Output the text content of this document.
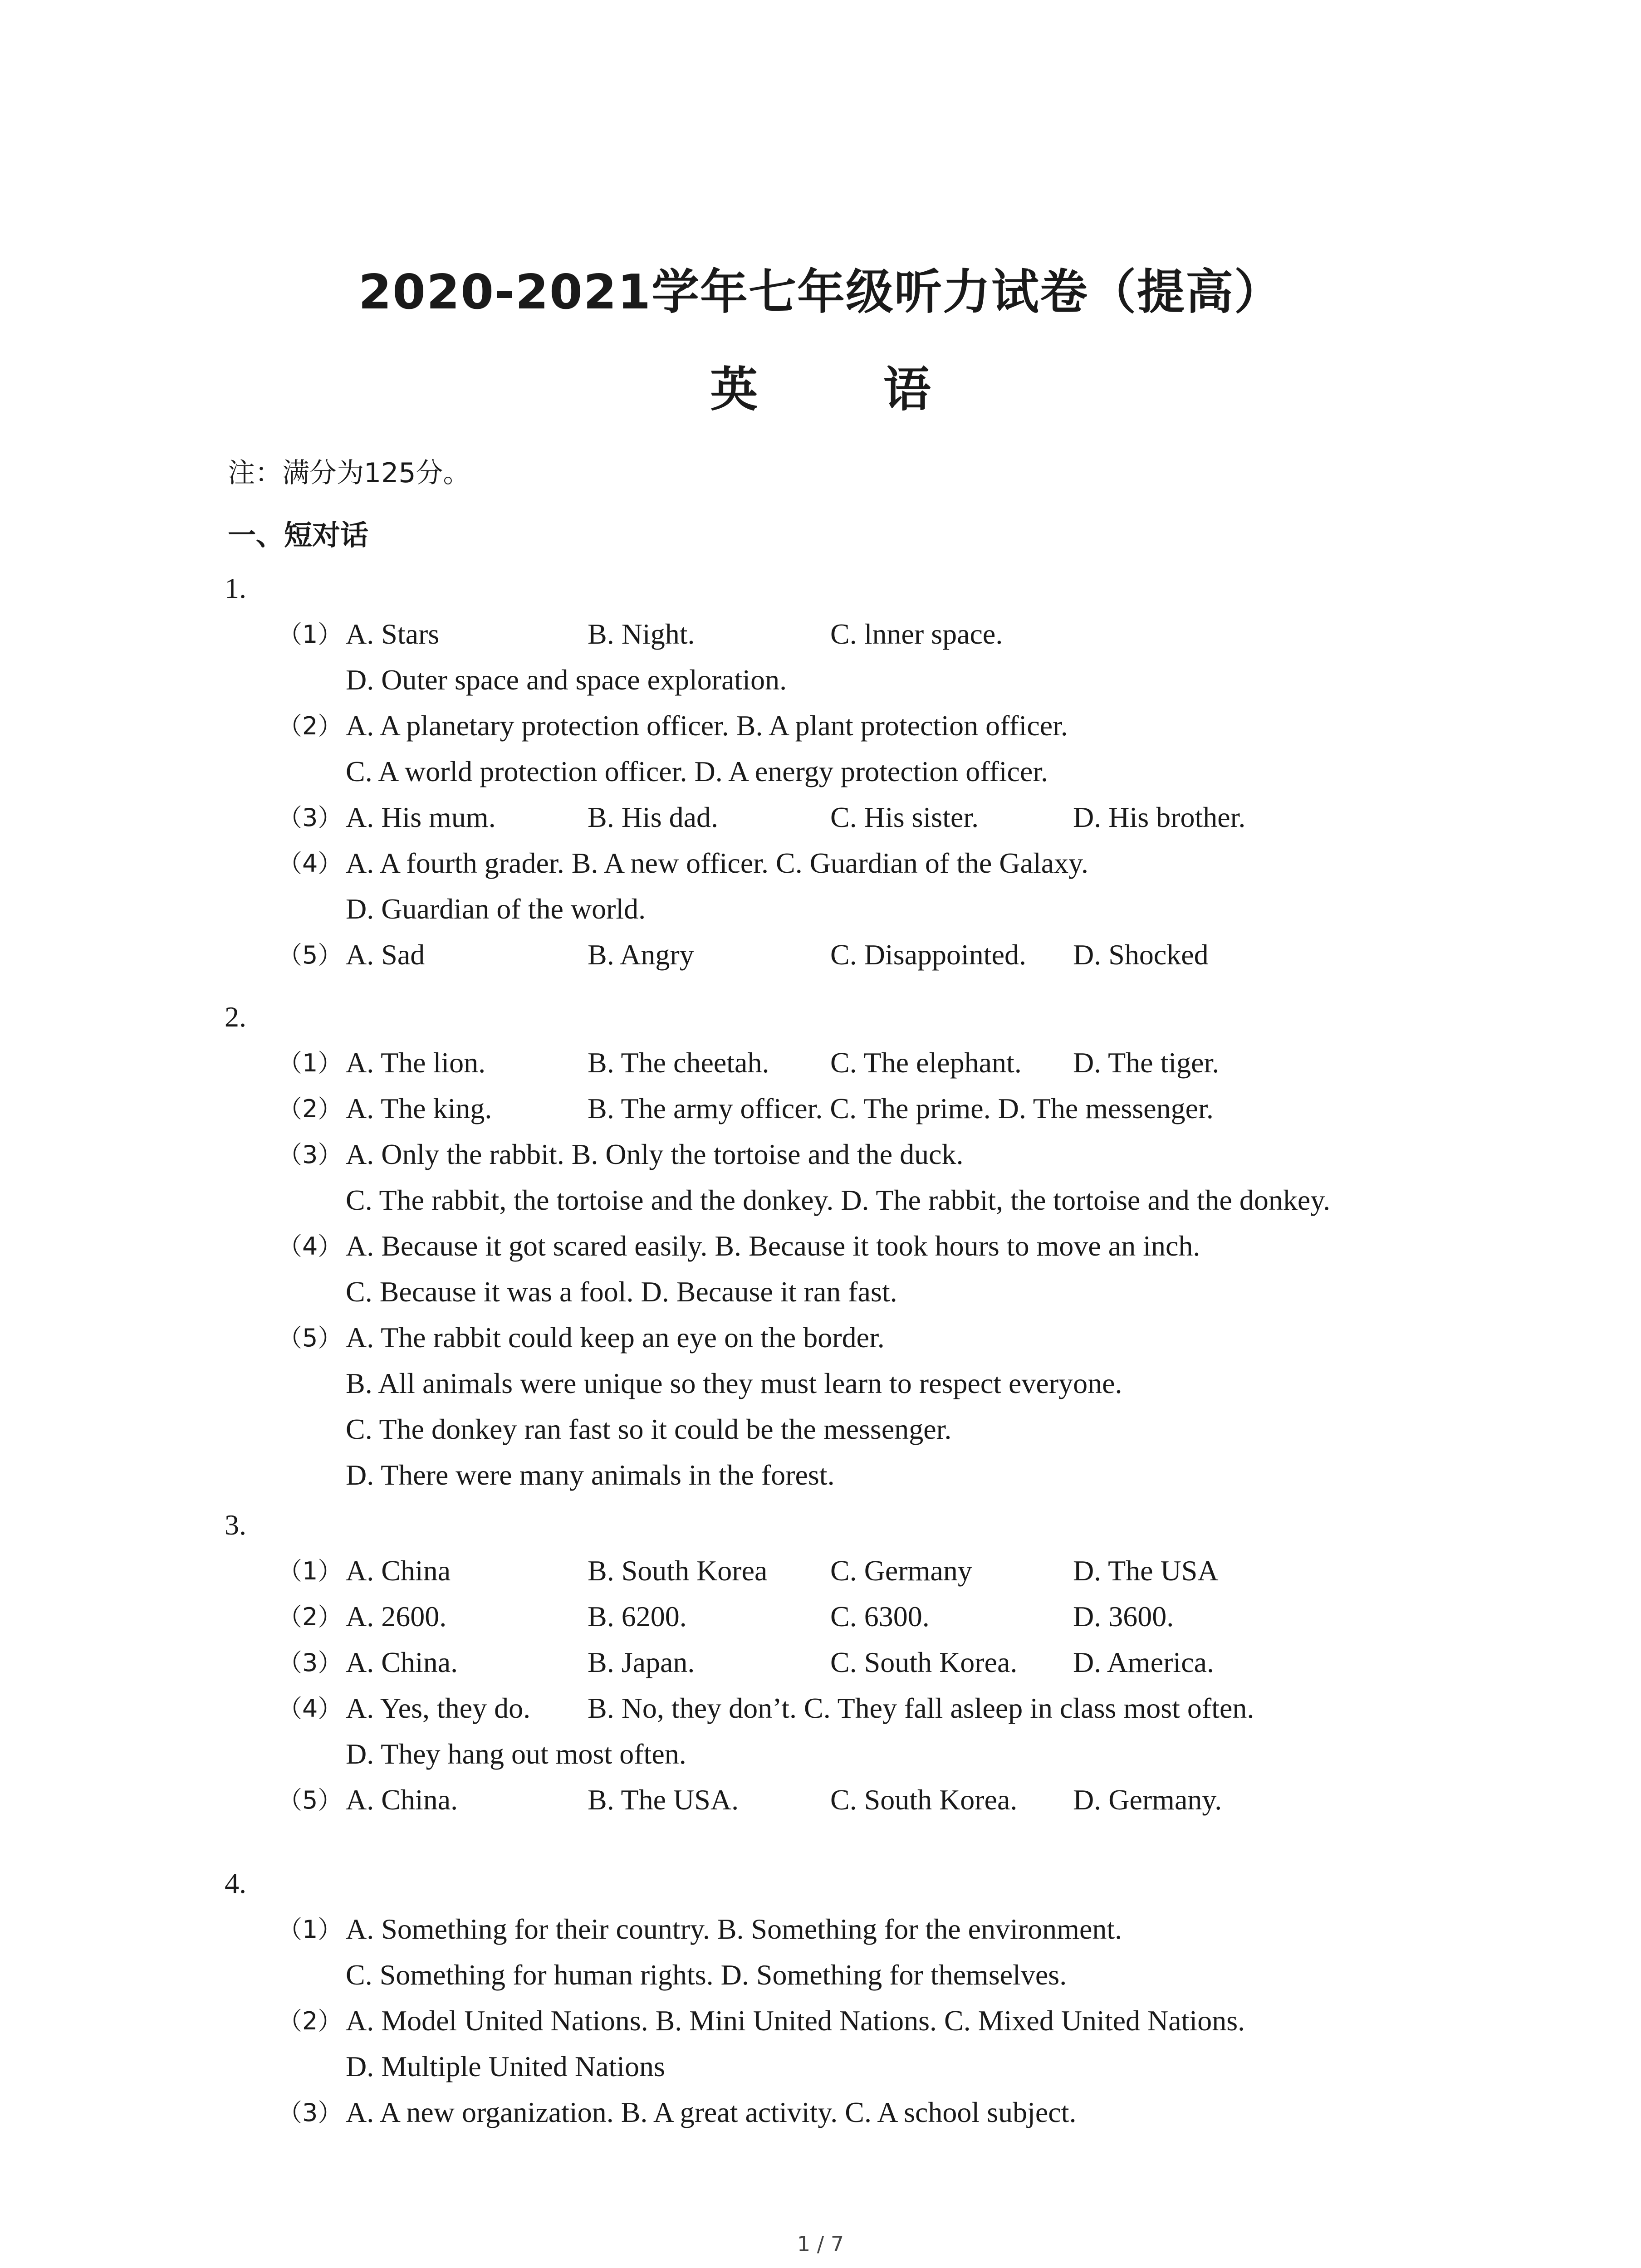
2020-2021学年七年级听力试卷（提高）
英 语
注：满分为125分。
一、短对话
1.
（1） A. Stars	B. Night.	C. lnner space.
D. Outer space and space exploration.
（2） A. A planetary protection officer. B. A plant protection officer.
C. A world protection officer. D. A energy protection officer.
（3） A. His mum.	B. His dad.	C. His sister.	D. His brother.
（4） A. A fourth grader. B. A new officer. C. Guardian of the Galaxy.
D. Guardian of the world.
（5） A. Sad	B. Angry	C. Disappointed. D. Shocked
2.
（1） A. The lion.	B. The cheetah. C. The elephant. D. The tiger.
（2） A. The king.	B. The army officer. C. The prime. D. The messenger.
（3） A. Only the rabbit. B. Only the tortoise and the duck.
C. The rabbit, the tortoise and the donkey. D. The rabbit, the tortoise and the donkey.
（4） A. Because it got scared easily. B. Because it took hours to move an inch.
C. Because it was a fool. D. Because it ran fast.
（5） A. The rabbit could keep an eye on the border.
B. All animals were unique so they must learn to respect everyone.
C. The donkey ran fast so it could be the messenger.
D. There were many animals in the forest.
3.
（1） A. China	B. South Korea C. Germany	D. The USA
（2） A. 2600.	B. 6200.	C. 6300.	D. 3600.
（3） A. China.	B. Japan.	C. South Korea. D. America.
（4） A. Yes, they do. B. No, they don’t. C. They fall asleep in class most often.
D. They hang out most often.
（5） A. China.	B. The USA.	C. South Korea. D. Germany.
4.
（1） A. Something for their country. B. Something for the environment.
C. Something for human rights. D. Something for themselves.
（2） A. Model United Nations. B. Mini United Nations. C. Mixed United Nations.
D. Multiple United Nations
（3） A. A new organization. B. A great activity. C. A school subject.
1 / 7
